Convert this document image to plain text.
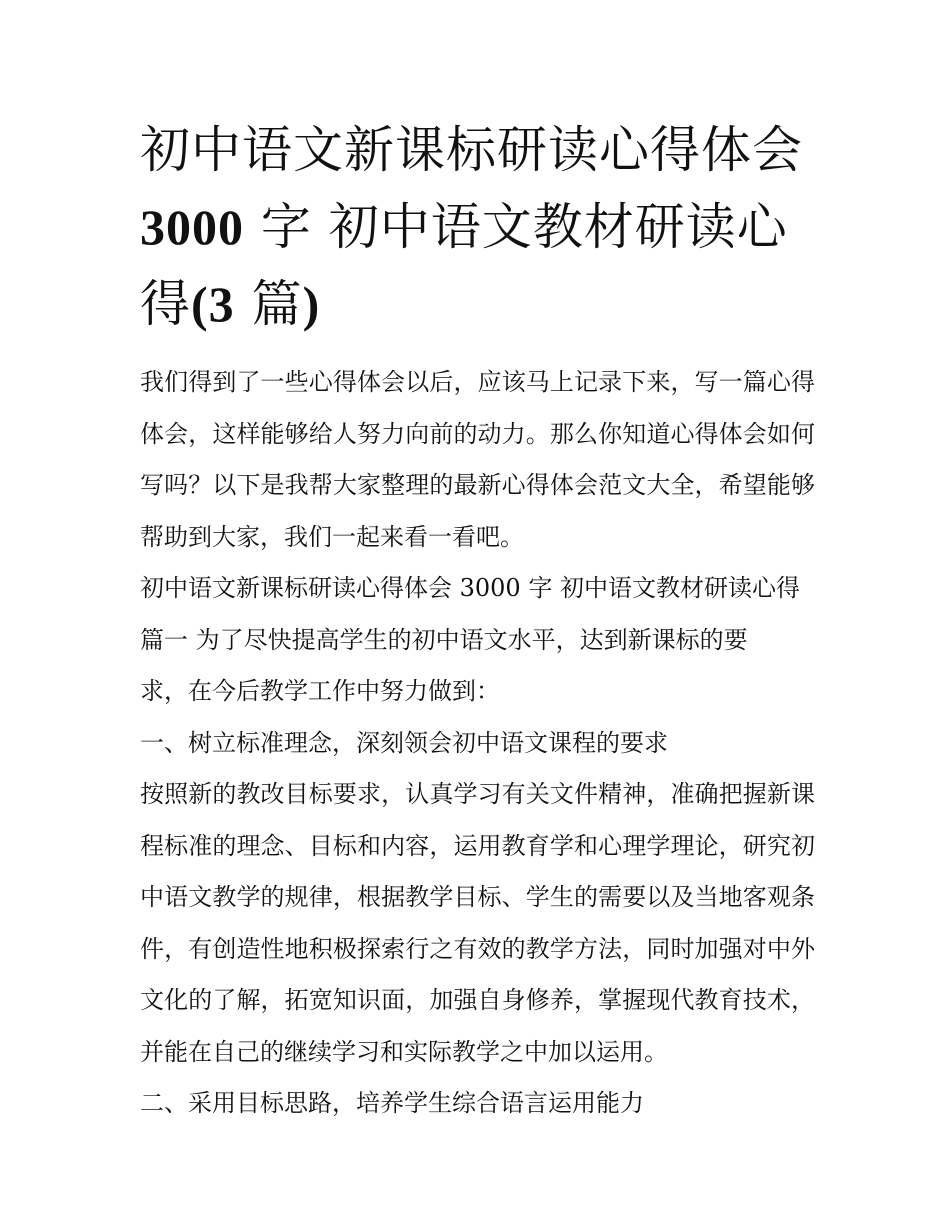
初中语文新课标研读心得体会
3000 字 初中语文教材研读心
得(3 篇)

我们得到了一些心得体会以后，应该马上记录下来，写一篇心得体会，这样能够给人努力向前的动力。那么你知道心得体会如何写吗？以下是我帮大家整理的最新心得体会范文大全，希望能够帮助到大家，我们一起来看一看吧。

初中语文新课标研读心得体会 3000 字 初中语文教材研读心得

篇一 为了尽快提高学生的初中语文水平，达到新课标的要

求，在今后教学工作中努力做到：

一、树立标准理念，深刻领会初中语文课程的要求

按照新的教改目标要求，认真学习有关文件精神，准确把握新课程标准的理念、目标和内容，运用教育学和心理学理论，研究初中语文教学的规律，根据教学目标、学生的需要以及当地客观条件，有创造性地积极探索行之有效的教学方法，同时加强对中外文化的了解，拓宽知识面，加强自身修养，掌握现代教育技术，并能在自己的继续学习和实际教学之中加以运用。

二、采用目标思路，培养学生综合语言运用能力
